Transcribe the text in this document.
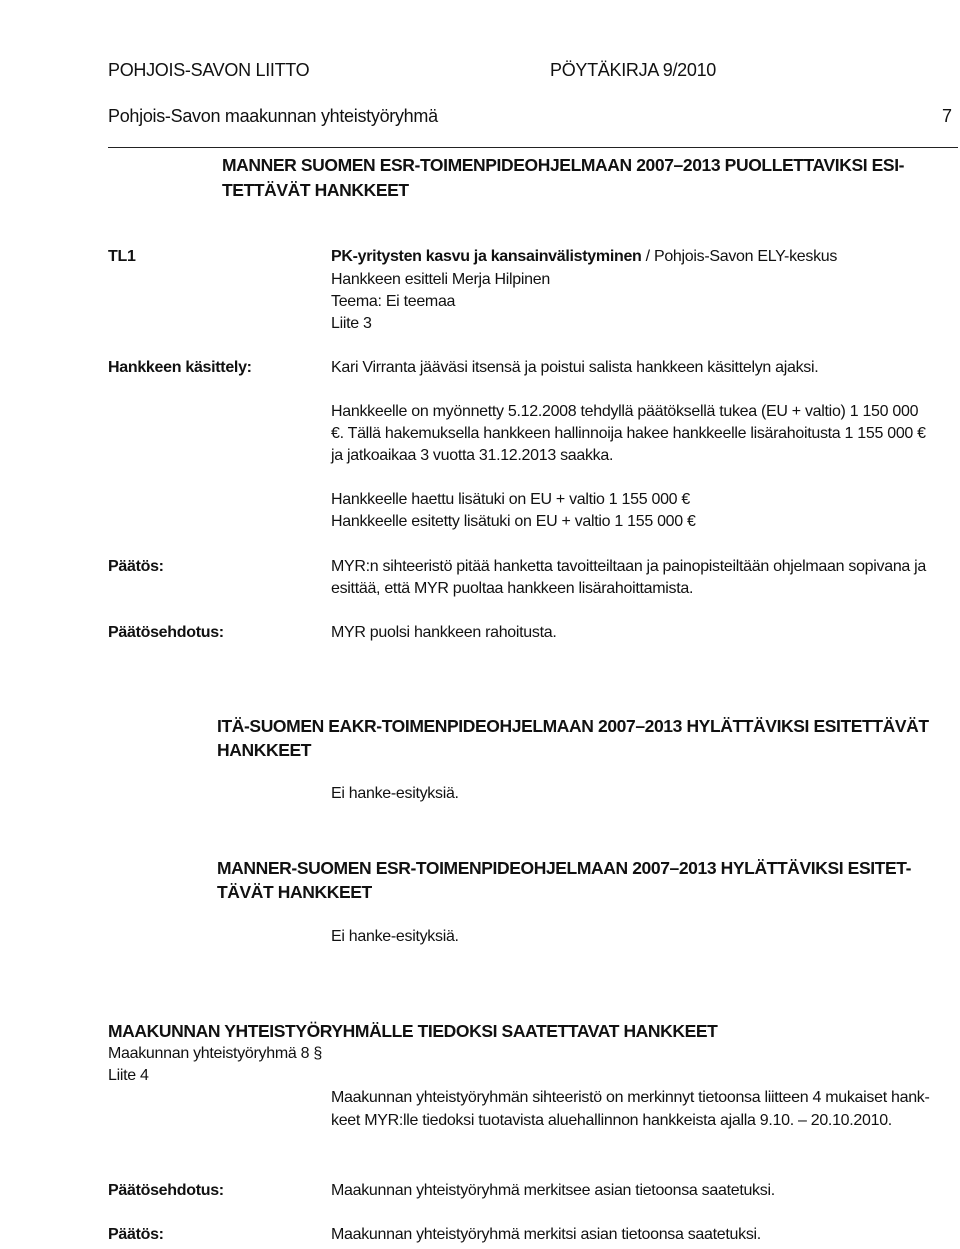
POHJOIS-SAVON LIITTO	PÖYTÄKIRJA 9/2010
Pohjois-Savon maakunnan yhteistyöryhmä	7
MANNER SUOMEN ESR-TOIMENPIDEOHJELMAAN 2007–2013 PUOLLETTAVIKSI ESI-
TETTÄVÄT HANKKEET
TL1	PK-yritysten kasvu ja kansainvälistyminen / Pohjois-Savon ELY-keskus
Hankkeen esitteli Merja Hilpinen
Teema: Ei teemaa
Liite 3
Hankkeen käsittely:	Kari Virranta jääväsi itsensä ja poistui salista hankkeen käsittelyn ajaksi.
Hankkeelle on myönnetty 5.12.2008 tehdyllä päätöksellä tukea (EU + valtio) 1 150 000
€. Tällä hakemuksella hankkeen hallinnoija hakee hankkeelle lisärahoitusta 1 155 000 €
ja jatkoaikaa 3 vuotta 31.12.2013 saakka.
Hankkeelle haettu lisätuki on EU + valtio 1 155 000 €
Hankkeelle esitetty lisätuki on EU + valtio 1 155 000 €
Päätös:	MYR:n sihteeristö pitää hanketta tavoitteiltaan ja painopisteiltään ohjelmaan sopivana ja
esittää, että MYR puoltaa hankkeen lisärahoittamista.
Päätösehdotus:	MYR puolsi hankkeen rahoitusta.
ITÄ-SUOMEN EAKR-TOIMENPIDEOHJELMAAN 2007–2013 HYLÄTTÄVIKSI ESITETTÄVÄT
HANKKEET
Ei hanke-esityksiä.
MANNER-SUOMEN ESR-TOIMENPIDEOHJELMAAN 2007–2013 HYLÄTTÄVIKSI ESITET-
TÄVÄT HANKKEET
Ei hanke-esityksiä.
MAAKUNNAN YHTEISTYÖRYHMÄLLE TIEDOKSI SAATETTAVAT HANKKEET
Maakunnan yhteistyöryhmä 8 §
Liite 4
Maakunnan yhteistyöryhmän sihteeristö on merkinnyt tietoonsa liitteen 4 mukaiset hank-
keet MYR:lle tiedoksi tuotavista aluehallinnon hankkeista ajalla 9.10. – 20.10.2010.
Päätösehdotus:	Maakunnan yhteistyöryhmä merkitsee asian tietoonsa saatetuksi.
Päätös:	Maakunnan yhteistyöryhmä merkitsi asian tietoonsa saatetuksi.
